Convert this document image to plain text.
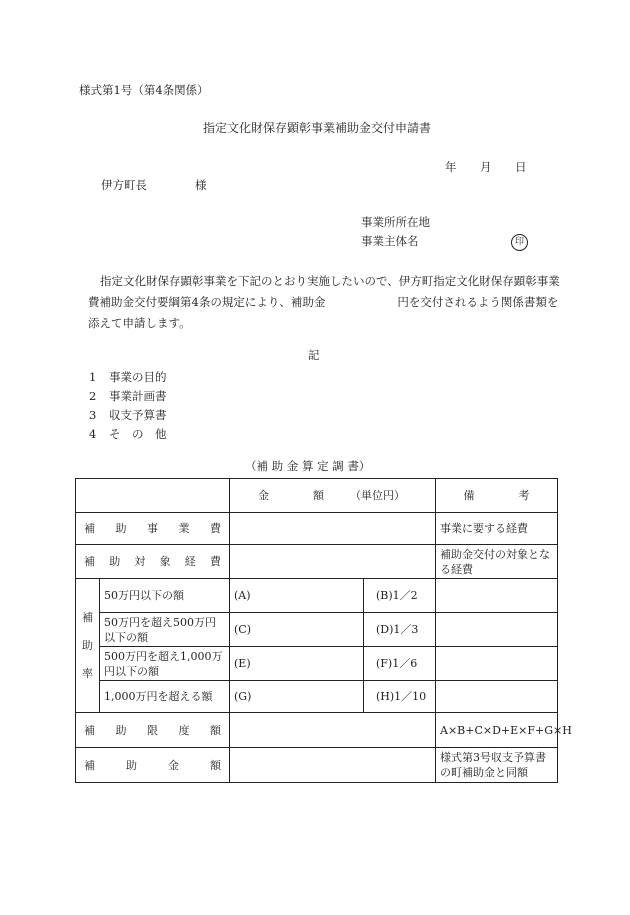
様式第1号（第4条関係）
指定文化財保存顕彰事業補助金交付申請書
年 月 日
伊方町長	様
事業所所在地
事業主体名	印
指定文化財保存顕彰事業を下記のとおり実施したいので、伊方町指定文化財保存顕彰事業費補助金交付要綱第4条の規定により、補助金	円を交付されるよう関係書類を添えて申請します。
記
1 事業の目的
2 事業計画書
3 収支予算書
4 そ　の　他
（補 助 金 算 定 調 書）
		金　　　　額 （単位円）		備　　　　考
補助事業費				事業に要する経費
補助対象経費				補助金交付の対象となる経費

補
助
率	50万円以下の額	(A)	(B)1／2	
	50万円を超え500万円以下の額	(C)	(D)1／3	
	500万円を超え1,000万円以下の額	(E)	(F)1／6	
	1,000万円を超える額	(G)	(H)1／10	
補助限度額				A×B+C×D+E×F+G×H
補助金額				様式第3号収支予算書の町補助金と同額
